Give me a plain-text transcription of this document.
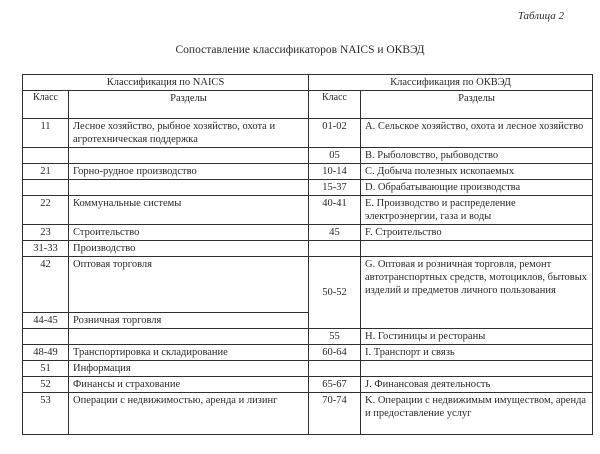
Таблица 2
Сопоставление классификаторов NAICS и ОКВЭД
Классификация по NAICS		Классификация по ОКВЭД	
Класс	Разделы	Класс	Разделы
11	Лесное хозяйство, рыбное хозяйство, охота и агротехническая поддержка	01-02	A. Сельское хозяйство, охота и лесное хозяйство
		05	B. Рыболовство, рыбоводство
21	Горно-рудное производство	10-14	C. Добыча полезных ископаемых
		15-37	D. Обрабатывающие производства
22	Коммунальные системы	40-41	E. Производство и распределение электроэнергии, газа и воды
23	Строительство	45	F. Строительство
31-33	Производство		
42	Оптовая торговля	50-52	G. Оптовая и розничная торговля, ремонт автотранспортных средств, мотоциклов, бытовых изделий и предметов личного пользования
44-45	Розничная торговля		
		55	H. Гостиницы и рестораны
48-49	Транспортировка и складирование	60-64	I. Транспорт и связь
51	Информация		
52	Финансы и страхование	65-67	J. Финансовая деятельность
53	Операции с недвижимостью, аренда и лизинг	70-74	K. Операции с недвижимым имуществом, аренда и предоставление услуг
